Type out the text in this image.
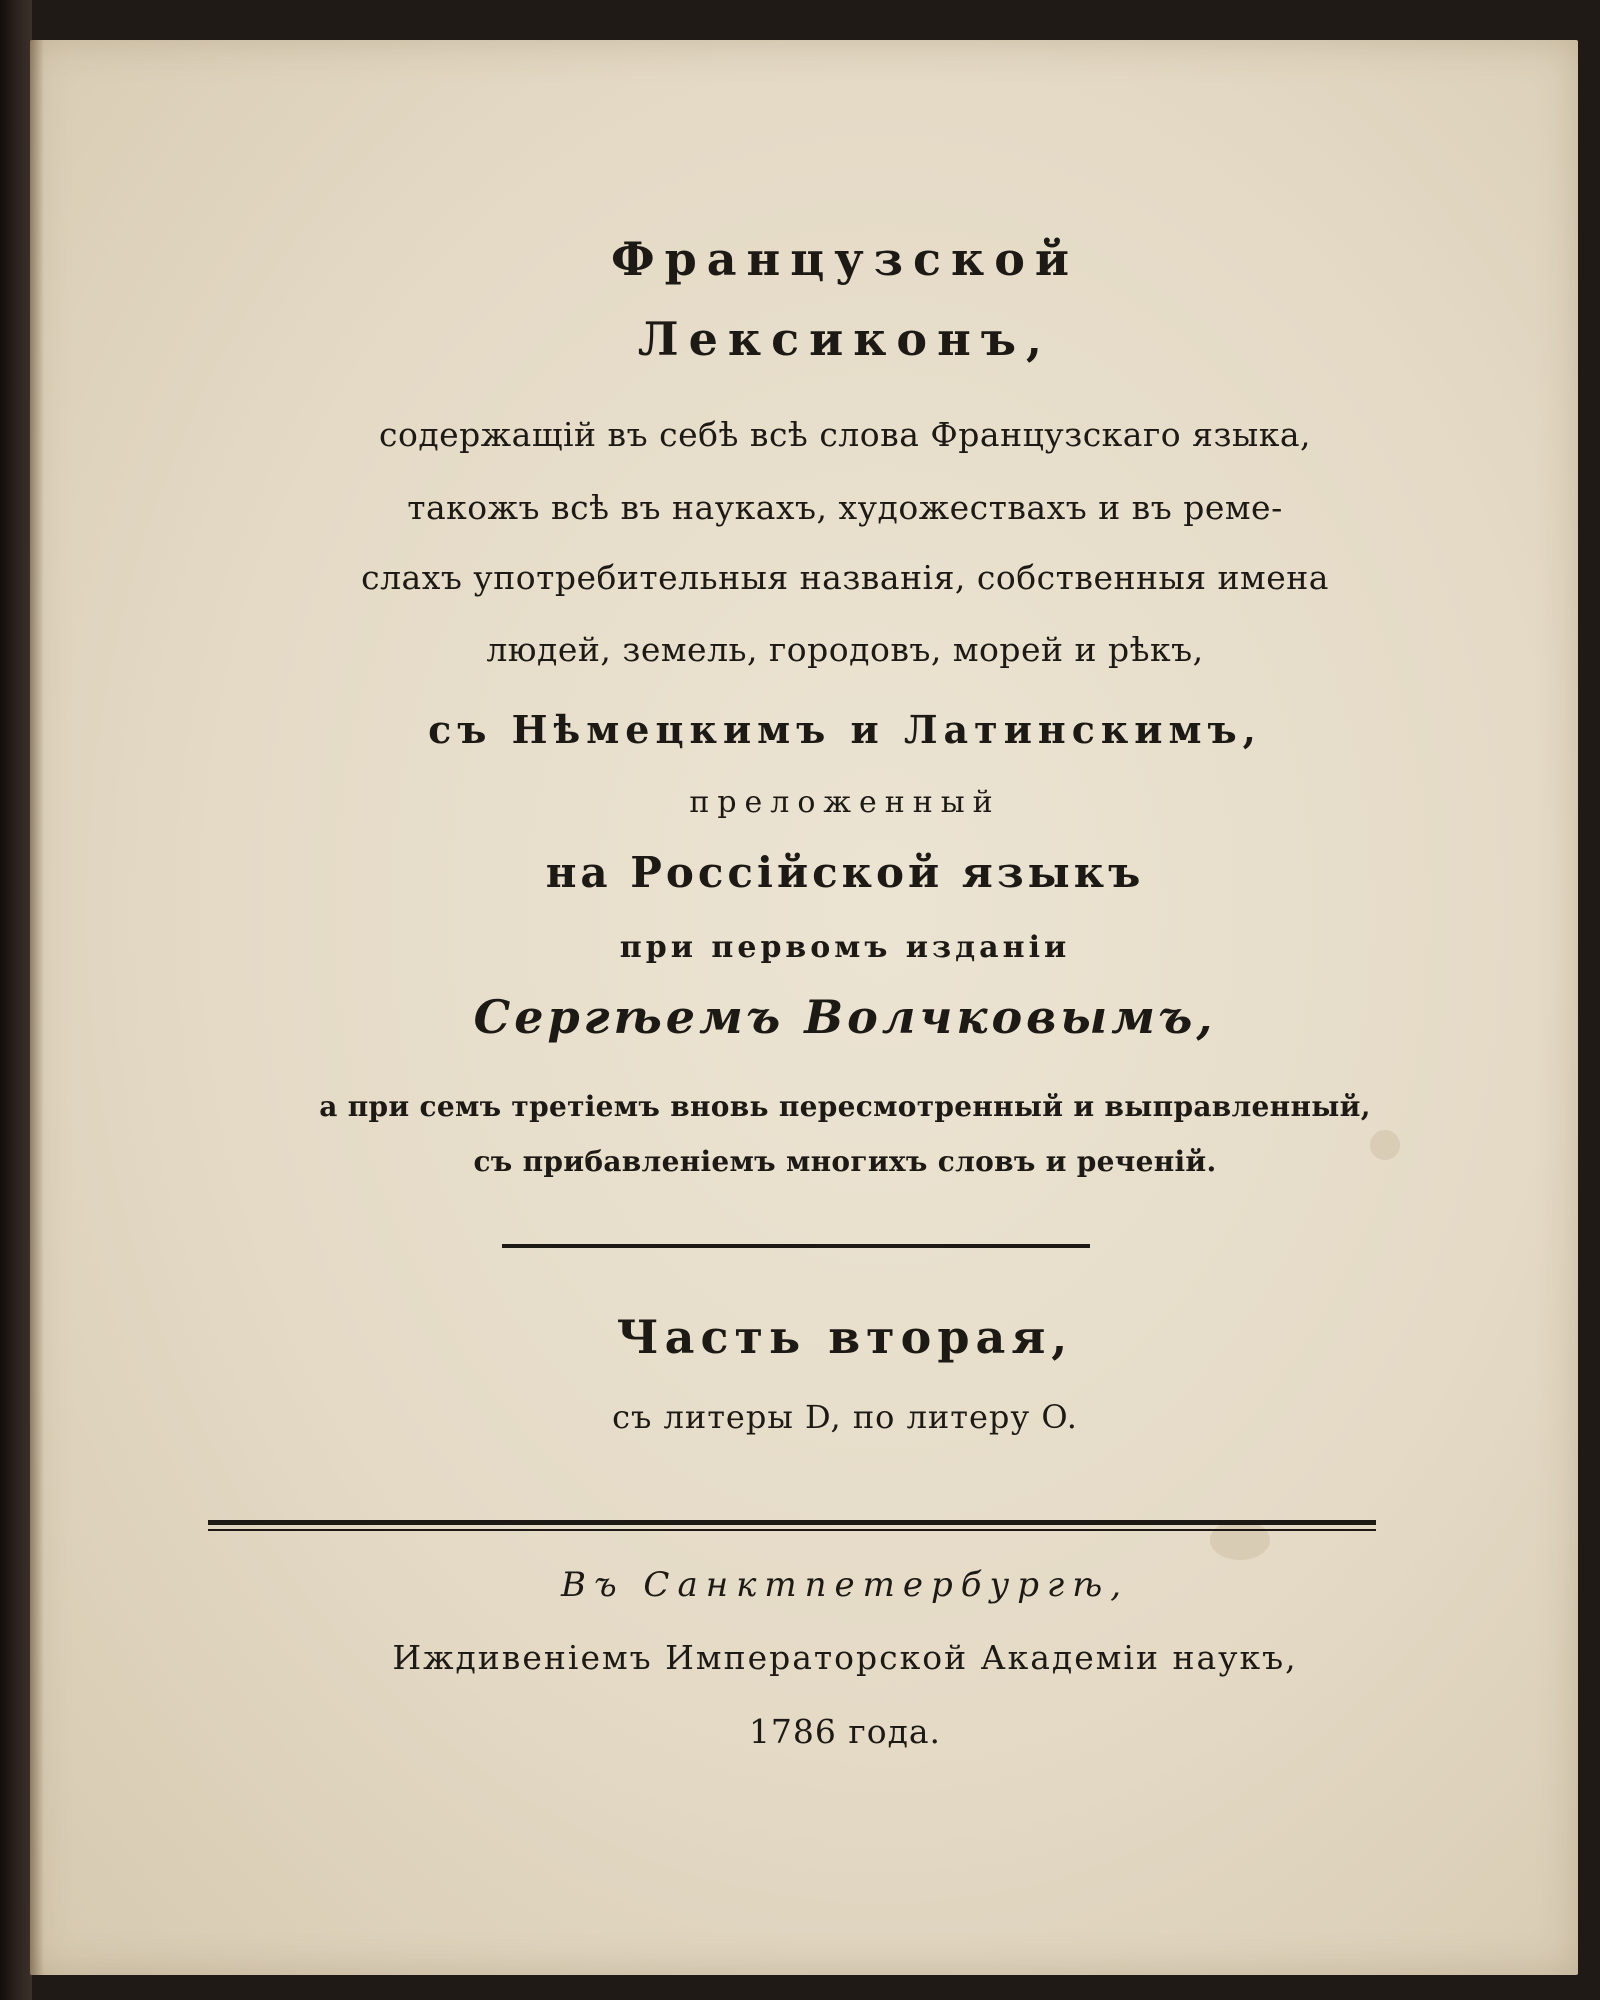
Французской
Лексиконъ,
содержащій въ себѣ всѣ слова Французскаго языка,
такожъ всѣ въ наукахъ, художествахъ и въ реме-
слахъ употребительныя названія, собственныя имена
людей, земель, городовъ, морей и рѣкъ,
съ Нѣмецкимъ и Латинскимъ,
преложенный
на Россійской языкъ
при первомъ изданіи
Сергѣемъ Волчковымъ,
а при семъ третіемъ вновь пересмотренный и выправленный,
съ прибавленіемъ многихъ словъ и реченій.
Часть вторая,
съ литеры D, по литеру O.
Въ Санктпетербургѣ,
Иждивеніемъ Императорской Академіи наукъ,
1786 года.
